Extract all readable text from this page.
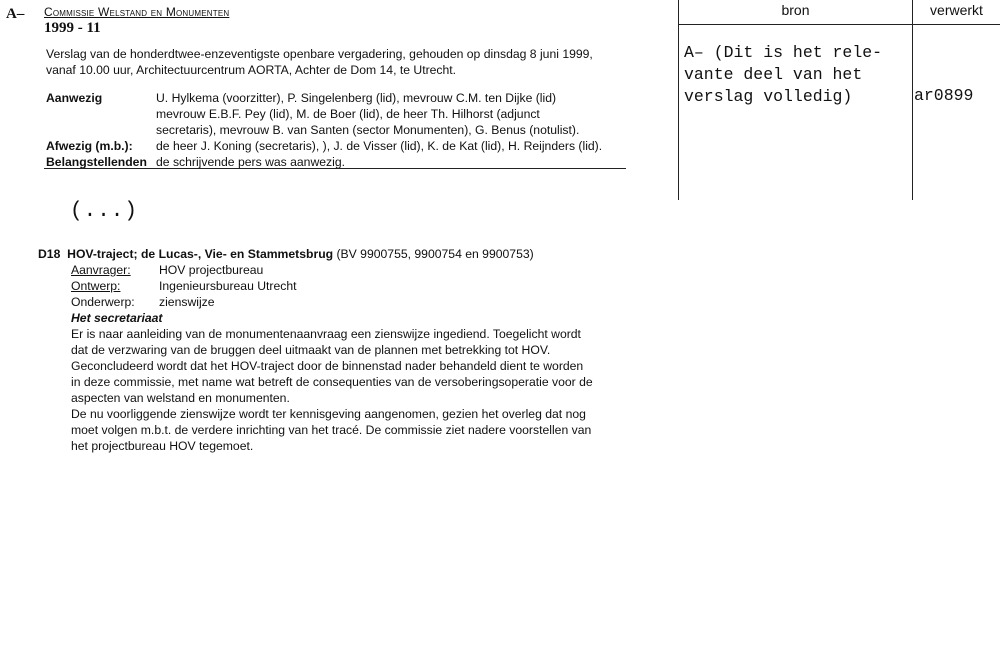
A– Commissie Welstand en Monumenten
1999 - 11
Verslag van de honderdtwee-enzeventigste openbare vergadering, gehouden op dinsdag 8 juni 1999,
vanaf 10.00 uur, Architectuurcentrum AORTA, Achter de Dom 14, te Utrecht.
Aanwezig	U. Hylkema (voorzitter), P. Singelenberg (lid), mevrouw C.M. ten Dijke (lid)
mevrouw E.B.F. Pey (lid), M. de Boer (lid), de heer Th. Hilhorst (adjunct
secretaris), mevrouw B. van Santen (sector Monumenten), G. Benus (notulist).
Afwezig (m.b.): de heer J. Koning (secretaris), ), J. de Visser (lid), K. de Kat (lid), H. Reijnders (lid).
Belangstellenden de schrijvende pers was aanwezig.
(...)
D18 HOV-traject; de Lucas-, Vie- en Stammetsbrug (BV 9900755, 9900754 en 9900753)
Aanvrager: HOV projectbureau
Ontwerp:	Ingenieursbureau Utrecht
Onderwerp: zienswijze
Het secretariaat
Er is naar aanleiding van de monumentenaanvraag een zienswijze ingediend. Toegelicht wordt
dat de verzwaring van de bruggen deel uitmaakt van de plannen met betrekking tot HOV.
Geconcludeerd wordt dat het HOV-traject door de binnenstad nader behandeld dient te worden
in deze commissie, met name wat betreft de consequenties van de versoberingsoperatie voor de
aspecten van welstand en monumenten.
De nu voorliggende zienswijze wordt ter kennisgeving aangenomen, gezien het overleg dat nog
moet volgen m.b.t. de verdere inrichting van het tracé. De commissie ziet nadere voorstellen van
het projectbureau HOV tegemoet.
bron	verwerkt
A– (Dit is het rele-
vante deel van het
verslag volledig)	ar0899
